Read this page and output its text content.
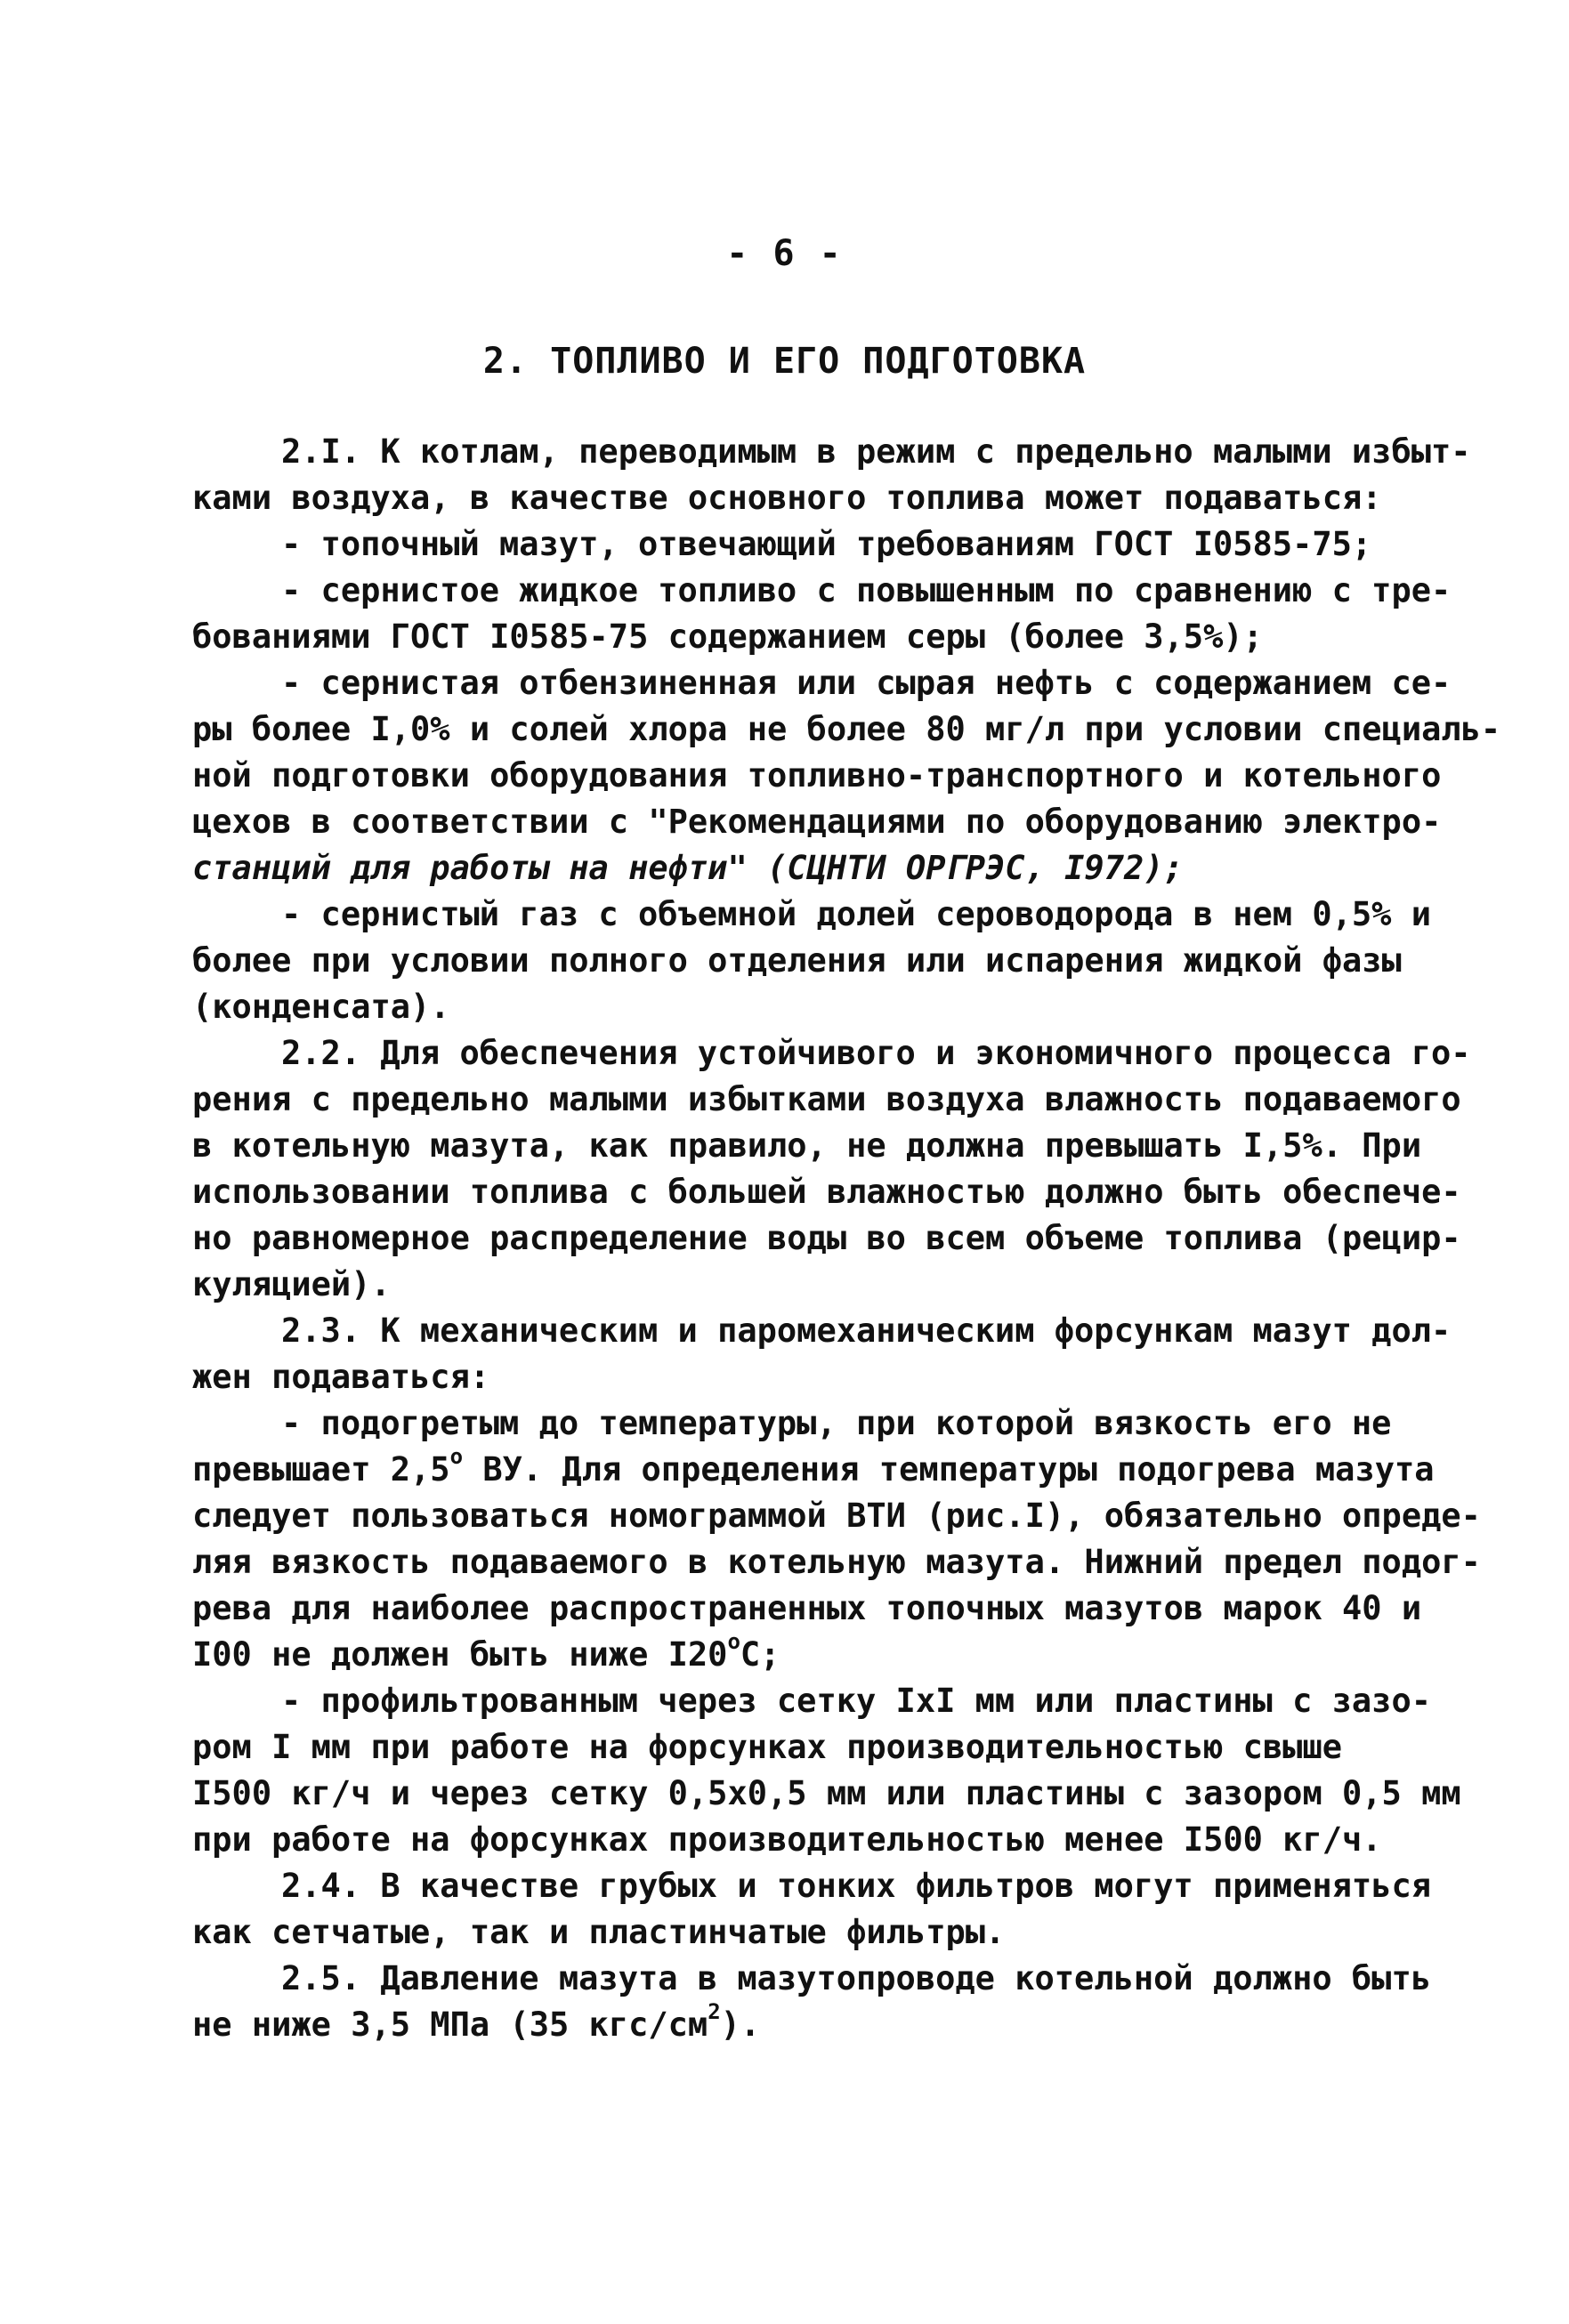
- 6 -
2. ТОПЛИВО И ЕГО ПОДГОТОВКА
2.I. К котлам, переводимым в режим с предельно малыми избыт-
ками воздуха, в качестве основного топлива может подаваться:
- топочный мазут, отвечающий требованиям ГОСТ I0585-75;
- сернистое жидкое топливо с повышенным по сравнению с тре-
бованиями ГОСТ I0585-75 содержанием серы (более 3,5%);
- сернистая отбензиненная или сырая нефть с содержанием се-
ры более I,0% и солей хлора не более 80 мг/л при условии специаль-
ной подготовки оборудования топливно-транспортного и котельного
цехов в соответствии с "Рекомендациями по оборудованию электро-
станций для работы на нефти" (СЦНТИ ОРГРЭС, I972);
- сернистый газ с объемной долей сероводорода в нем 0,5% и
более при условии полного отделения или испарения жидкой фазы
(конденсата).
2.2. Для обеспечения устойчивого и экономичного процесса го-
рения с предельно малыми избытками воздуха влажность подаваемого
в котельную мазута, как правило, не должна превышать I,5%. При
использовании топлива с большей влажностью должно быть обеспече-
но равномерное распределение воды во всем объеме топлива (рецир-
куляцией).
2.3. К механическим и паромеханическим форсункам мазут дол-
жен подаваться:
- подогретым до температуры, при которой вязкость его не
превышает $2,5^о$ ВУ. Для определения температуры подогрева мазута
следует пользоваться номограммой ВТИ (рис.I), обязательно опреде-
ляя вязкость подаваемого в котельную мазута. Нижний предел подог-
рева для наиболее распространенных топочных мазутов марок 40 и
I00 не должен быть ниже $I20^оС$;
- профильтрованным через сетку IxI мм или пластины с зазо-
ром I мм при работе на форсунках производительностью свыше
I500 кг/ч и через сетку 0,5x0,5 мм или пластины с зазором 0,5 мм
при работе на форсунках производительностью менее I500 кг/ч.
2.4. В качестве грубых и тонких фильтров могут применяться
как сетчатые, так и пластинчатые фильтры.
2.5. Давление мазута в мазутопроводе котельной должно быть
не ниже 3,5 МПа (35 кгс/$см^2$).
